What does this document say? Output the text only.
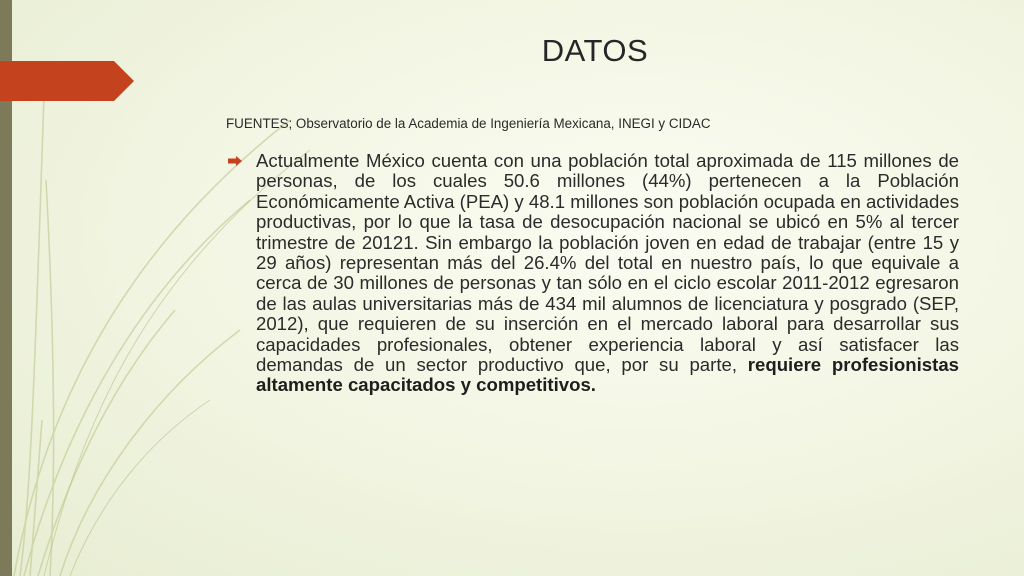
DATOS

FUENTES; Observatorio de la Academia de Ingeniería Mexicana, INEGI y CIDAC

Actualmente México cuenta con una población total aproximada de 115 millones de personas, de los cuales 50.6 millones (44%) pertenecen a la Población Económicamente Activa (PEA) y 48.1 millones son población ocupada en actividades productivas, por lo que la tasa de desocupación nacional se ubicó en 5% al tercer trimestre de 20121. Sin embargo la población joven en edad de trabajar (entre 15 y 29 años) representan más del 26.4% del total en nuestro país, lo que equivale a cerca de 30 millones de personas y tan sólo en el ciclo escolar 2011-2012 egresaron de las aulas universitarias más de 434 mil alumnos de licenciatura y posgrado (SEP, 2012), que requieren de su inserción en el mercado laboral para desarrollar sus capacidades profesionales, obtener experiencia laboral y así satisfacer las demandas de un sector productivo que, por su parte, requiere profesionistas altamente capacitados y competitivos.
